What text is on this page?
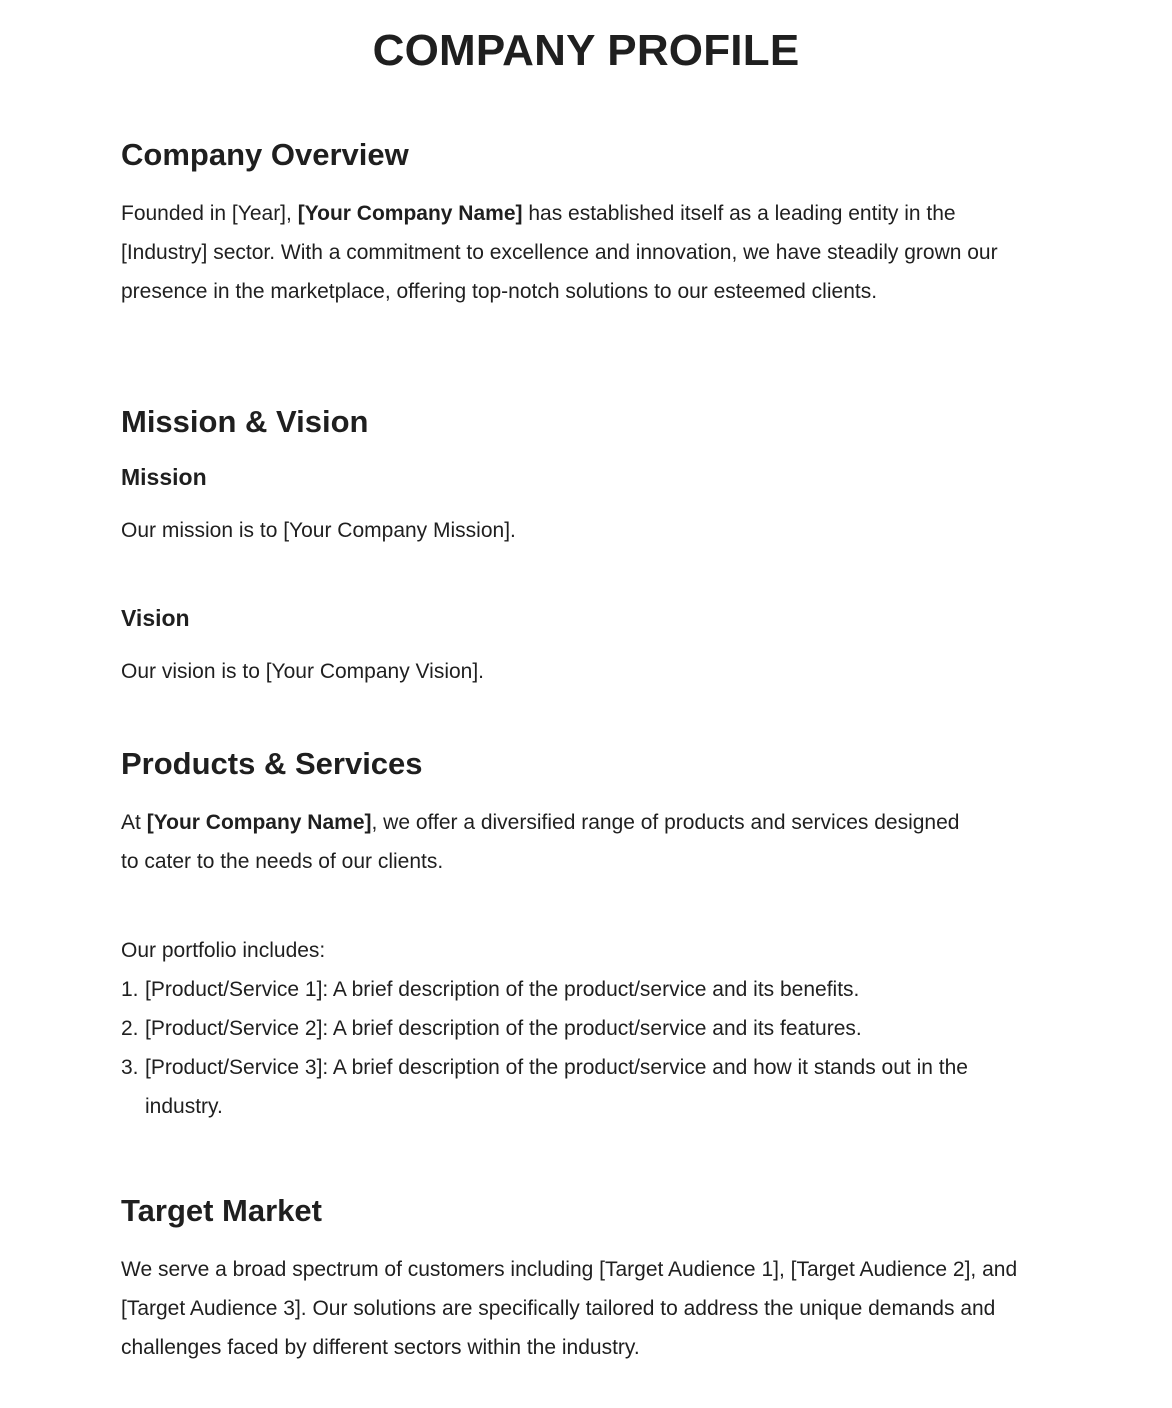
COMPANY PROFILE
Company Overview

Founded in [Year], [Your Company Name] has established itself as a leading entity in the [Industry] sector. With a commitment to excellence and innovation, we have steadily grown our presence in the marketplace, offering top-notch solutions to our esteemed clients.

Mission & Vision
Mission

Our mission is to [Your Company Mission].

Vision

Our vision is to [Your Company Vision].

Products & Services

At [Your Company Name], we offer a diversified range of products and services designed to cater to the needs of our clients.

Our portfolio includes:
1. [Product/Service 1]: A brief description of the product/service and its benefits.
2. [Product/Service 2]: A brief description of the product/service and its features.
3. [Product/Service 3]: A brief description of the product/service and how it stands out in the industry.
Target Market

We serve a broad spectrum of customers including [Target Audience 1], [Target Audience 2], and [Target Audience 3]. Our solutions are specifically tailored to address the unique demands and challenges faced by different sectors within the industry.
